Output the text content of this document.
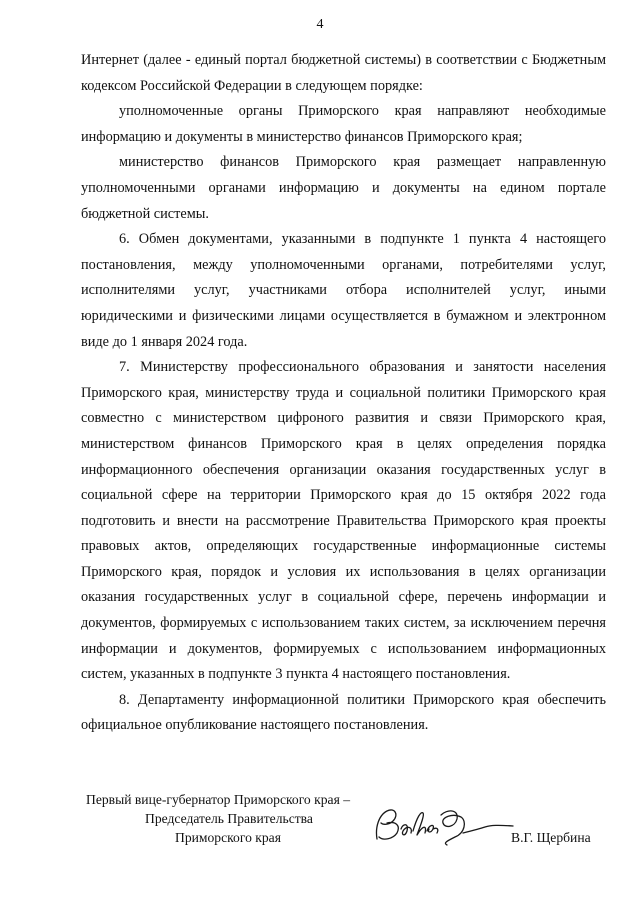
4

Интернет (далее - единый портал бюджетной системы) в соответствии с Бюджетным кодексом Российской Федерации в следующем порядке:

уполномоченные органы Приморского края направляют необходимые информацию и документы в министерство финансов Приморского края;

министерство финансов Приморского края размещает направленную уполномоченными органами информацию и документы на едином портале бюджетной системы.

6. Обмен документами, указанными в подпункте 1 пункта 4 настоящего постановления, между уполномоченными органами, потребителями услуг, исполнителями услуг, участниками отбора исполнителей услуг, иными юридическими и физическими лицами осуществляется в бумажном и электронном виде до 1 января 2024 года.

7. Министерству профессионального образования и занятости населения Приморского края, министерству труда и социальной политики Приморского края совместно с министерством цифроного развития и связи Приморского края, министерством финансов Приморского края в целях определения порядка информационного обеспечения организации оказания государственных услуг в социальной сфере на территории Приморского края до 15 октября 2022 года подготовить и внести на рассмотрение Правительства Приморского края проекты правовых актов, определяющих государственные информационные системы Приморского края, порядок и условия их использования в целях организации оказания государственных услуг в социальной сфере, перечень информации и документов, формируемых с использованием таких систем, за исключением перечня информации и документов, формируемых с использованием информационных систем, указанных в подпункте 3 пункта 4 настоящего постановления.

8. Департаменту информационной политики Приморского края обеспечить официальное опубликование настоящего постановления.

Первый вице-губернатор Приморского края –
Председатель Правительства
Приморского края	В.Г. Щербина
